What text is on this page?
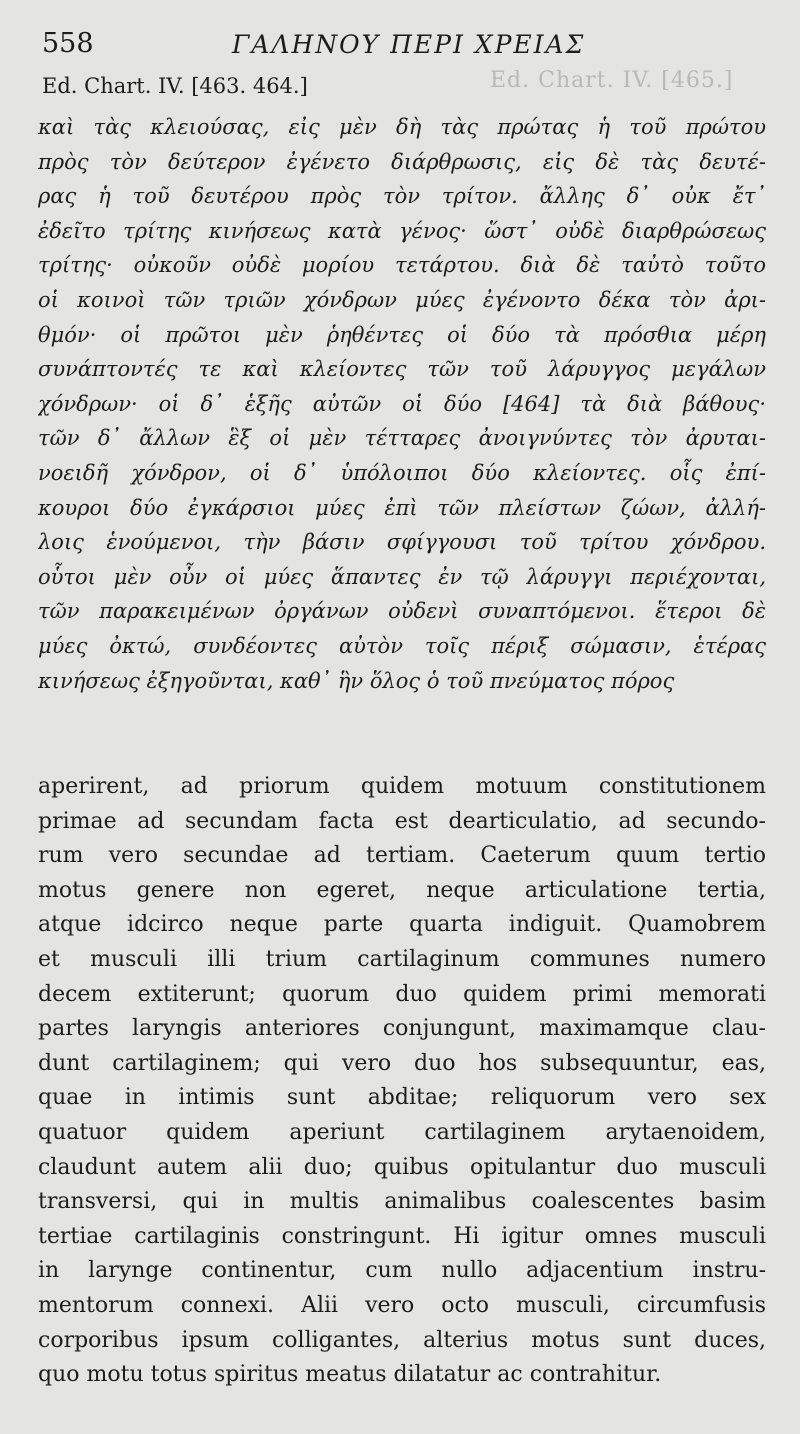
558	ΓΑΛΗΝΟΥ ΠΕΡΙ ΧΡΕΙΑΣ
Ed. Chart. IV. [463. 464.]	Ed. Chart. IV. [465.]
καὶ τὰς κλειούσας, εἰς μὲν δὴ τὰς πρώτας ἡ τοῦ πρώτου
πρὸς τὸν δεύτερον ἐγένετο διάρθρωσις, εἰς δὲ τὰς δευτέ-
ρας ἡ τοῦ δευτέρου πρὸς τὸν τρίτον. ἄλλης δ᾽ οὐκ ἔτ᾽
ἐδεῖτο τρίτης κινήσεως κατὰ γένος· ὥστ᾽ οὐδὲ διαρθρώσεως
τρίτης· οὐκοῦν οὐδὲ μορίου τετάρτου. διὰ δὲ ταὐτὸ τοῦτο
οἱ κοινοὶ τῶν τριῶν χόνδρων μύες ἐγένοντο δέκα τὸν ἀρι-
θμόν· οἱ πρῶτοι μὲν ῥηθέντες οἱ δύο τὰ πρόσθια μέρη
συνάπτοντές τε καὶ κλείοντες τῶν τοῦ λάρυγγος μεγάλων
χόνδρων· οἱ δ᾽ ἑξῆς αὐτῶν οἱ δύο [464] τὰ διὰ βάθους·
τῶν δ᾽ ἄλλων ἓξ οἱ μὲν τέτταρες ἀνοιγνύντες τὸν ἀρυται-
νοειδῆ χόνδρον, οἱ δ᾽ ὑπόλοιποι δύο κλείοντες. οἷς ἐπί-
κουροι δύο ἐγκάρσιοι μύες ἐπὶ τῶν πλείστων ζώων, ἀλλή-
λοις ἑνούμενοι, τὴν βάσιν σφίγγουσι τοῦ τρίτου χόνδρου.
οὗτοι μὲν οὖν οἱ μύες ἅπαντες ἐν τῷ λάρυγγι περιέχονται,
τῶν παρακειμένων ὀργάνων οὐδενὶ συναπτόμενοι. ἕτεροι δὲ
μύες ὀκτώ, συνδέοντες αὐτὸν τοῖς πέριξ σώμασιν, ἑτέρας
κινήσεως ἐξηγοῦνται, καθ᾽ ἣν ὅλος ὁ τοῦ πνεύματος πόρος
aperirent, ad priorum quidem motuum constitutionem
primae ad secundam facta est dearticulatio, ad secundo-
rum vero secundae ad tertiam. Caeterum quum tertio
motus genere non egeret, neque articulatione tertia,
atque idcirco neque parte quarta indiguit. Quamobrem
et musculi illi trium cartilaginum communes numero
decem extiterunt; quorum duo quidem primi memorati
partes laryngis anteriores conjungunt, maximamque clau-
dunt cartilaginem; qui vero duo hos subsequuntur, eas,
quae in intimis sunt abditae; reliquorum vero sex
quatuor quidem aperiunt cartilaginem arytaenoidem,
claudunt autem alii duo; quibus opitulantur duo musculi
transversi, qui in multis animalibus coalescentes basim
tertiae cartilaginis constringunt. Hi igitur omnes musculi
in larynge continentur, cum nullo adjacentium instru-
mentorum connexi. Alii vero octo musculi, circumfusis
corporibus ipsum colligantes, alterius motus sunt duces,
quo motu totus spiritus meatus dilatatur ac contrahitur.
